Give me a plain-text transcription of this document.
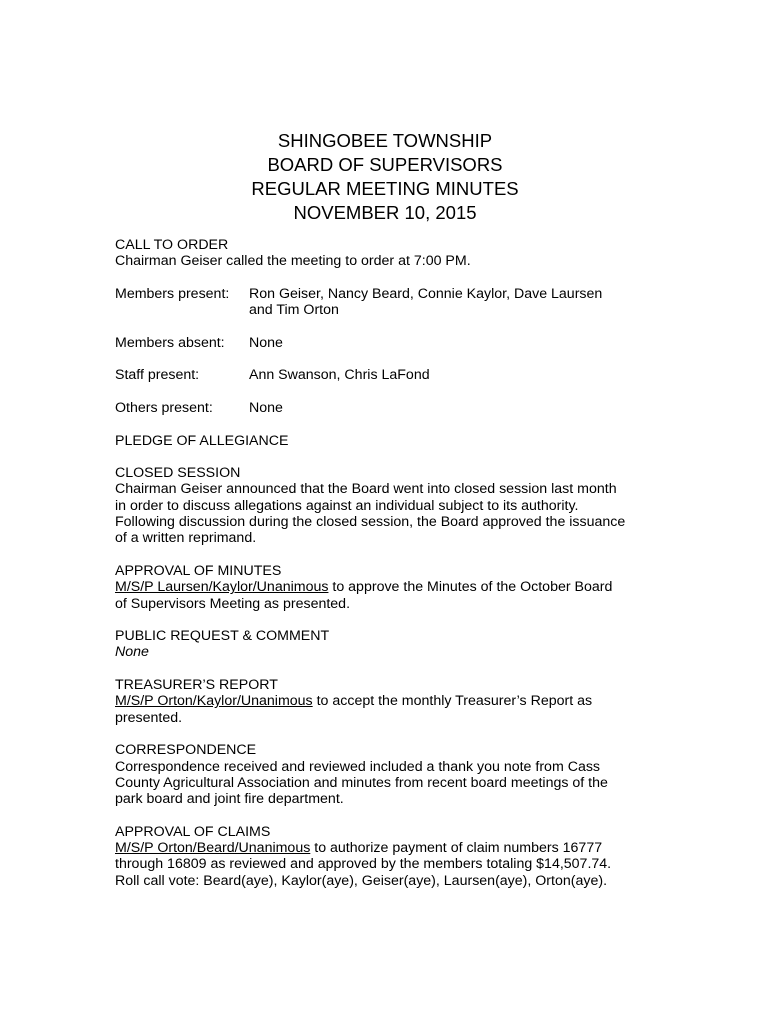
SHINGOBEE TOWNSHIP
BOARD OF SUPERVISORS
REGULAR MEETING MINUTES
NOVEMBER 10, 2015
CALL TO ORDER
Chairman Geiser called the meeting to order at 7:00 PM.
Members present:	Ron Geiser, Nancy Beard, Connie Kaylor, Dave Laursen
and Tim Orton
Members absent:	None
Staff present:	Ann Swanson, Chris LaFond
Others present:	None
PLEDGE OF ALLEGIANCE
CLOSED SESSION
Chairman Geiser announced that the Board went into closed session last month
in order to discuss allegations against an individual subject to its authority.
Following discussion during the closed session, the Board approved the issuance
of a written reprimand.
APPROVAL OF MINUTES
M/S/P Laursen/Kaylor/Unanimous to approve the Minutes of the October Board
of Supervisors Meeting as presented.
PUBLIC REQUEST & COMMENT
None
TREASURER’S REPORT
M/S/P Orton/Kaylor/Unanimous to accept the monthly Treasurer’s Report as
presented.
CORRESPONDENCE
Correspondence received and reviewed included a thank you note from Cass
County Agricultural Association and minutes from recent board meetings of the
park board and joint fire department.
APPROVAL OF CLAIMS
M/S/P Orton/Beard/Unanimous to authorize payment of claim numbers 16777
through 16809 as reviewed and approved by the members totaling $14,507.74.
Roll call vote: Beard(aye), Kaylor(aye), Geiser(aye), Laursen(aye), Orton(aye).
